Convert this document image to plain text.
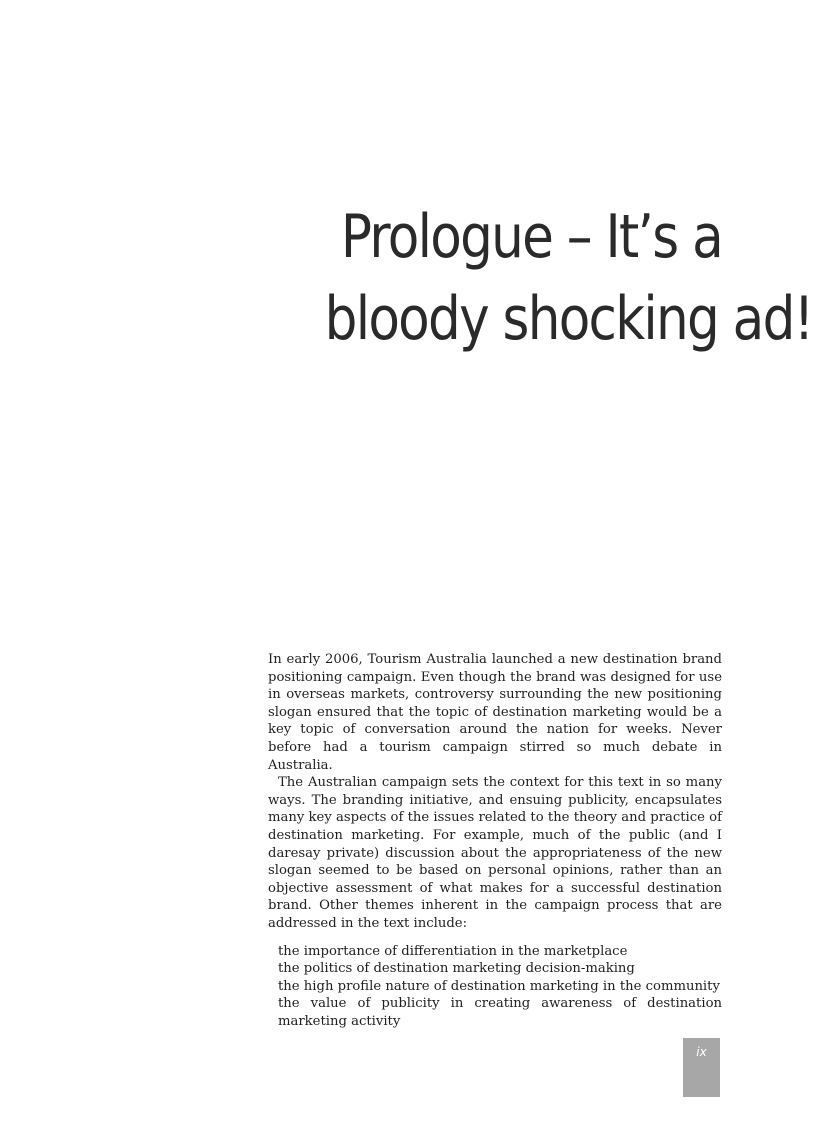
Prologue – It’s a
bloody shocking ad!

In early 2006, Tourism Australia launched a new destination brand positioning campaign. Even though the brand was designed for use in overseas markets, controversy surrounding the new positioning slogan ensured that the topic of destination marketing would be a key topic of conversation around the nation for weeks. Never before had a tourism campaign stirred so much debate in Australia.

The Australian campaign sets the context for this text in so many ways. The branding initiative, and ensuing publicity, encapsulates many key aspects of the issues related to the theory and practice of destination marketing. For example, much of the public (and I daresay private) discussion about the appropriateness of the new slogan seemed to be based on personal opinions, rather than an objective assessment of what makes for a successful destination brand. Other themes inherent in the campaign process that are addressed in the text include:

the importance of differentiation in the marketplace
the politics of destination marketing decision-making
the high profile nature of destination marketing in the community
the value of publicity in creating awareness of destination marketing activity
ix
